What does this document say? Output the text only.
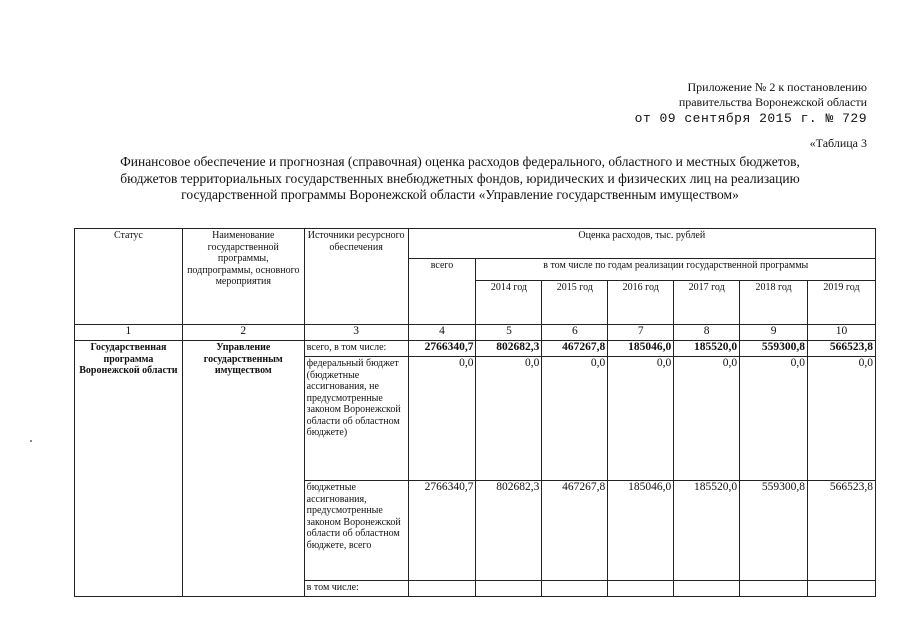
Приложение № 2 к постановлению
правительства Воронежской области
от 09 сентября 2015 г. № 729
«Таблица 3
Финансовое обеспечение и прогнозная (справочная) оценка расходов федерального, областного и местных бюджетов,
бюджетов территориальных государственных внебюджетных фондов, юридических и физических лиц на реализацию
государственной программы Воронежской области «Управление государственным имуществом»
Статус	Наименование государственной программы, подпрограммы, основного мероприятия	Источники ресурсного обеспечения	Оценка расходов, тыс. рублей						
			всего	в том числе по годам реализации государственной программы					
				2014 год	2015 год	2016 год	2017 год	2018 год	2019 год
1	2	3	4	5	6	7	8	9	10
Государственная программа Воронежской области	Управление государственным имуществом	всего, в том числе:	2766340,7	802682,3	467267,8	185046,0	185520,0	559300,8	566523,8
		федеральный бюджет (бюджетные ассигнования, не предусмотренные законом Воронежской области об областном бюджете)	0,0	0,0	0,0	0,0	0,0	0,0	0,0
		бюджетные ассигнования, предусмотренные законом Воронежской области об областном бюджете, всего	2766340,7	802682,3	467267,8	185046,0	185520,0	559300,8	566523,8
		в том числе:							
